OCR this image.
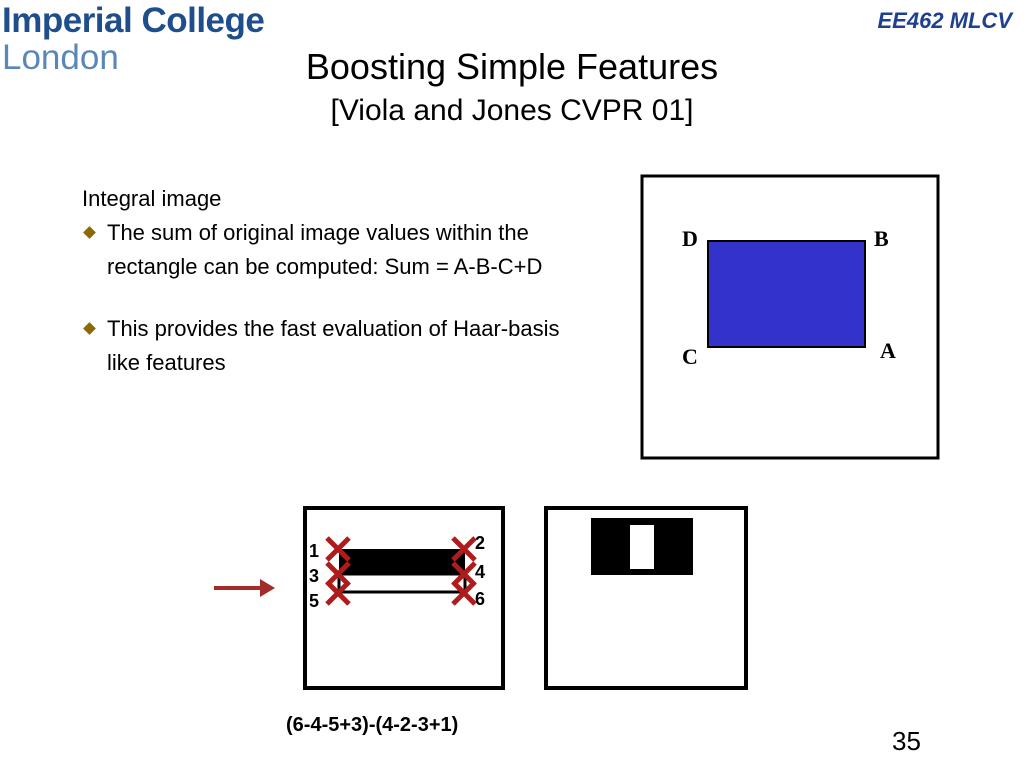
Imperial College
London
EE462 MLCV
Boosting Simple Features
[Viola and Jones CVPR 01]
Integral image
The sum of original image values within the rectangle can be computed: Sum = A-B-C+D
This provides the fast evaluation of Haar-basis like features
D	B
C	A
1	2
3	4
5	6
(6-4-5+3)-(4-2-3+1)
35
